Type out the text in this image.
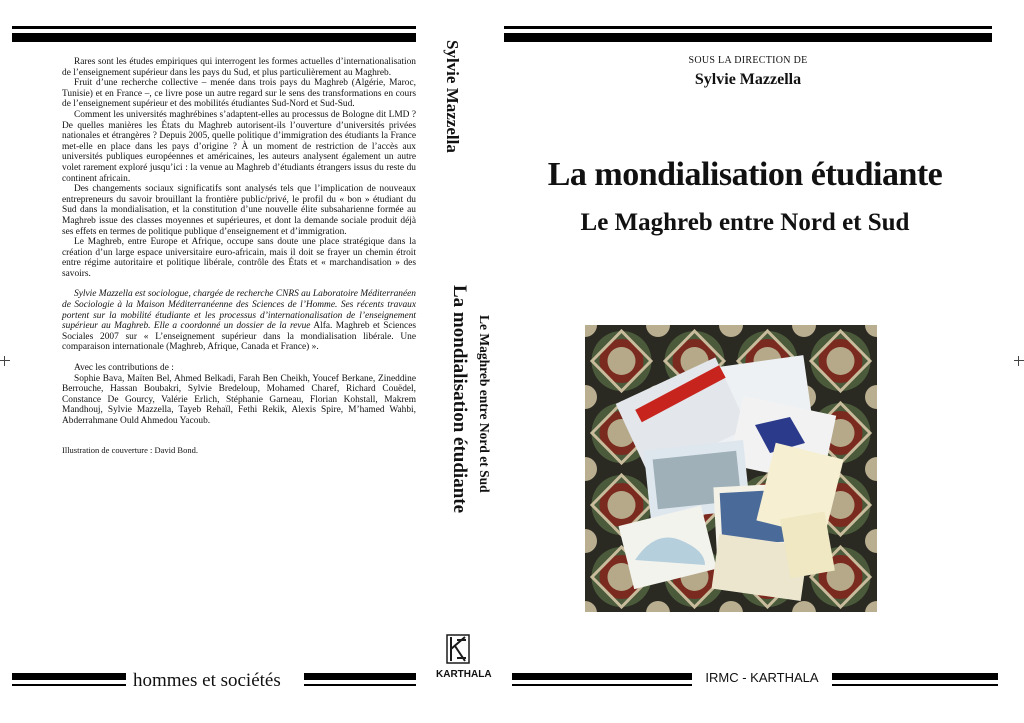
Rares sont les études empiriques qui interrogent les formes actuelles d’internationalisation de l’enseignement supérieur dans les pays du Sud, et plus particulièrement au Maghreb.

Fruit d’une recherche collective – menée dans trois pays du Maghreb (Algérie, Maroc, Tunisie) et en France –, ce livre pose un autre regard sur le sens des transformations en cours de l’enseignement supérieur et des mobilités étudiantes Sud-Nord et Sud-Sud.

Comment les universités maghrébines s’adaptent-elles au processus de Bologne dit LMD ? De quelles manières les États du Maghreb autorisent-ils l’ouverture d’universités privées nationales et étrangères ? Depuis 2005, quelle politique d’immigration des étudiants la France met-elle en place dans les pays d’origine ? À un moment de restriction de l’accès aux universités publiques européennes et américaines, les auteurs analysent également un autre volet rarement exploré jusqu’ici : la venue au Maghreb d’étudiants étrangers issus du reste du continent africain.

Des changements sociaux significatifs sont analysés tels que l’implication de nouveaux entrepreneurs du savoir brouillant la frontière public/privé, le profil du « bon » étudiant du Sud dans la mondialisation, et la constitution d’une nouvelle élite subsaharienne formée au Maghreb issue des classes moyennes et supérieures, et dont la demande sociale produit déjà ses effets en termes de politique publique d’enseignement et d’immigration.

Le Maghreb, entre Europe et Afrique, occupe sans doute une place stratégique dans la création d’un large espace universitaire euro-africain, mais il doit se frayer un chemin étroit entre régime autoritaire et politique libérale, contrôle des États et « marchandisation » des savoirs.

Sylvie Mazzella est sociologue, chargée de recherche CNRS au Laboratoire Méditerranéen de Sociologie à la Maison Méditerranéenne des Sciences de l’Homme. Ses récents travaux portent sur la mobilité étudiante et les processus d’internationalisation de l’enseignement supérieur au Maghreb. Elle a coordonné un dossier de la revue Alfa. Maghreb et Sciences Sociales 2007 sur « L’enseignement supérieur dans la mondialisation libérale. Une comparaison internationale (Maghreb, Afrique, Canada et France) ».

Avec les contributions de :

Sophie Bava, Maïten Bel, Ahmed Belkadi, Farah Ben Cheikh, Youcef Berkane, Zineddine Berrouche, Hassan Boubakri, Sylvie Bredeloup, Mohamed Charef, Richard Couëdel, Constance De Gourcy, Valérie Erlich, Stéphanie Garneau, Florian Kohstall, Makrem Mandhouj, Sylvie Mazzella, Tayeb Rehaïl, Fethi Rekik, Alexis Spire, M’hamed Wahbi, Abderrahmane Ould Ahmedou Yacoub.

Illustration de couverture : David Bond.

hommes et sociétés
Sylvie Mazzella
La mondialisation étudiante Le Maghreb entre Nord et Sud
KARTHALA
SOUS LA DIRECTION DE
Sylvie Mazzella
La mondialisation étudiante
Le Maghreb entre Nord et Sud
IRMC - KARTHALA
